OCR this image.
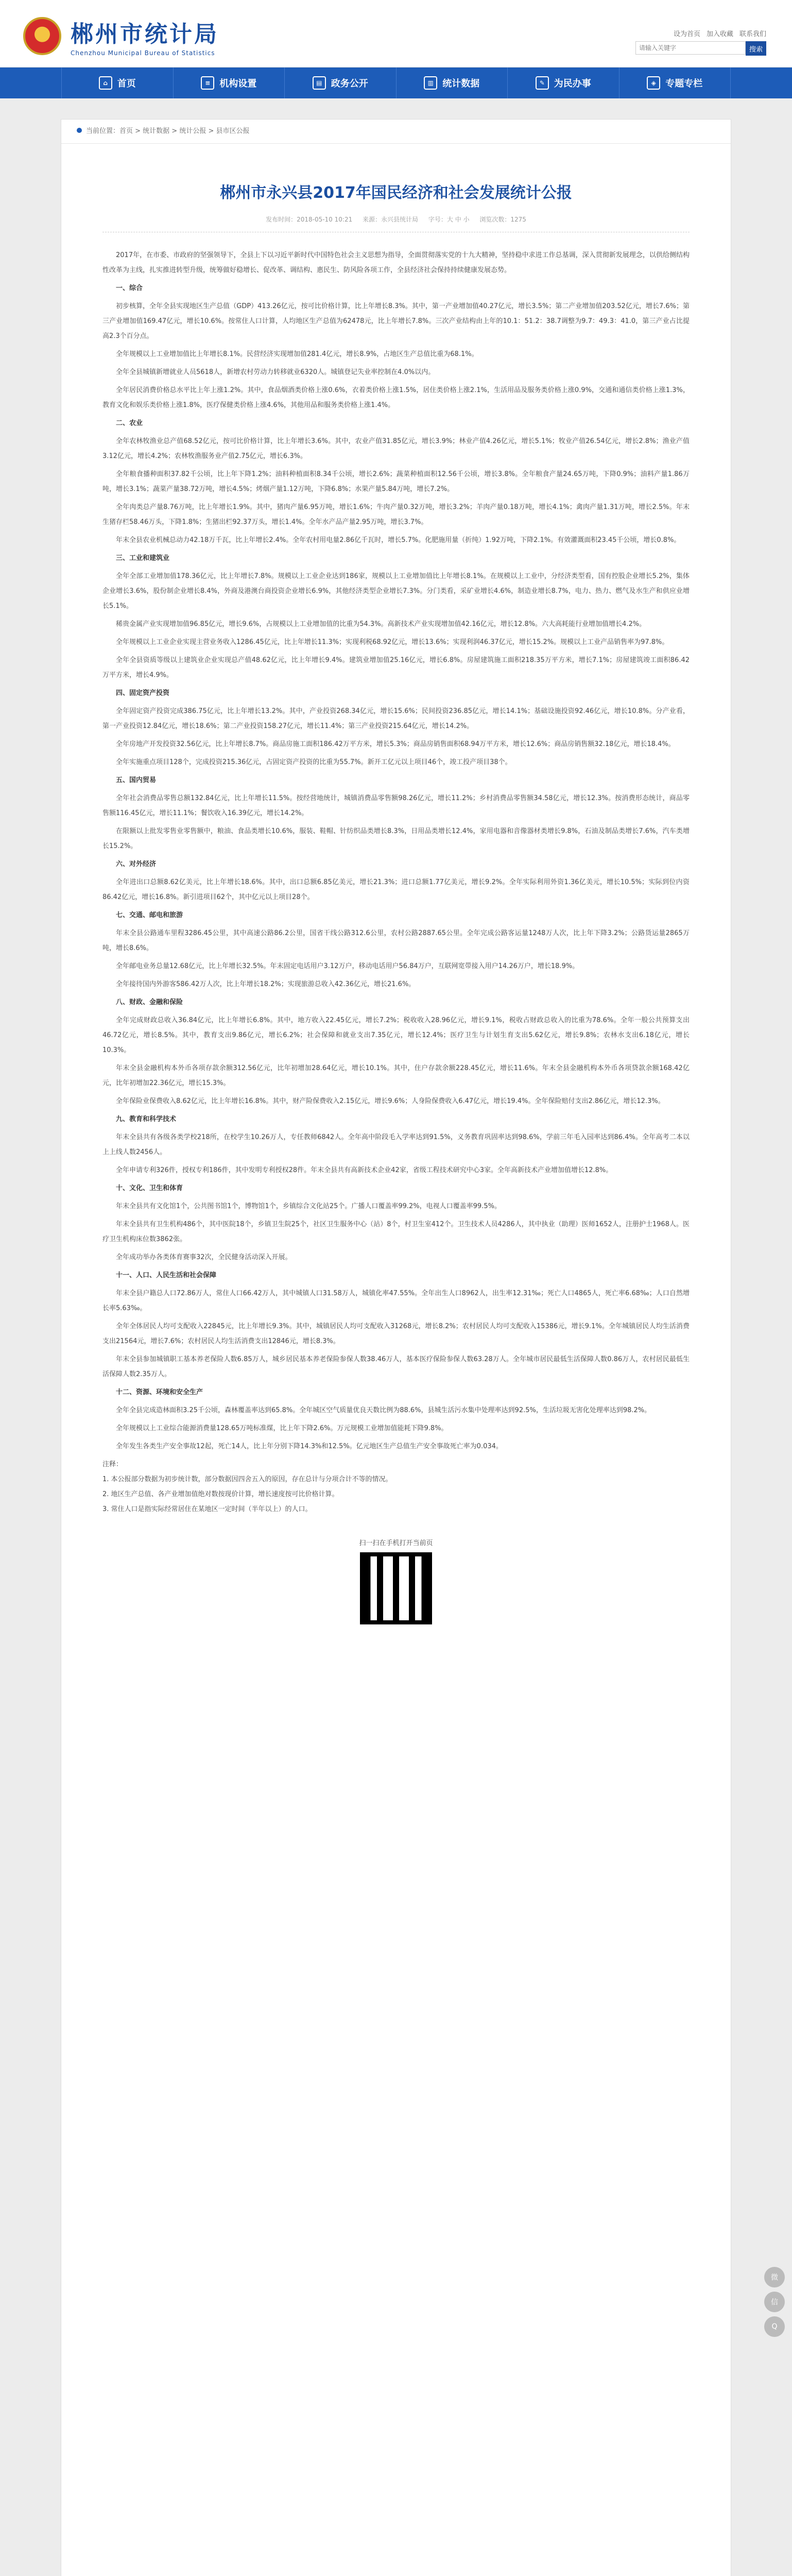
★	郴州市统计局
Chenzhou Municipal Bureau of Statistics
设为首页 加入收藏 联系我们
请输入关键字
搜索
⌂	首页	≡ 机构设置	▤ 政务公开	▥ 统计数据	✎ 为民办事	◈	专题专栏
当前位置：首页 > 统计数据 > 统计公报 > 县市区公报
郴州市永兴县2017年国民经济和社会发展统计公报
发布时间：2018-05-10 10:21 来源：永兴县统计局 字号：大 中 小 浏览次数：1275

2017年，在市委、市政府的坚强领导下，全县上下以习近平新时代中国特色社会主义思想为指导，全面贯彻落实党的十九大精神，坚持稳中求进工作总基调，深入贯彻新发展理念，以供给侧结构性改革为主线，扎实推进转型升级，统筹做好稳增长、促改革、调结构、惠民生、防风险各项工作，全县经济社会保持持续健康发展态势。

一、综合

初步核算，全年全县实现地区生产总值（GDP）413.26亿元，按可比价格计算，比上年增长8.3%。其中，第一产业增加值40.27亿元，增长3.5%；第二产业增加值203.52亿元，增长7.6%；第三产业增加值169.47亿元，增长10.6%。按常住人口计算，人均地区生产总值为62478元，比上年增长7.8%。三次产业结构由上年的10.1：51.2：38.7调整为9.7：49.3：41.0，第三产业占比提高2.3个百分点。

全年规模以上工业增加值比上年增长8.1%。民营经济实现增加值281.4亿元，增长8.9%，占地区生产总值比重为68.1%。

全年全县城镇新增就业人员5618人，新增农村劳动力转移就业6320人。城镇登记失业率控制在4.0%以内。

全年居民消费价格总水平比上年上涨1.2%。其中，食品烟酒类价格上涨0.6%，衣着类价格上涨1.5%，居住类价格上涨2.1%，生活用品及服务类价格上涨0.9%，交通和通信类价格上涨1.3%，教育文化和娱乐类价格上涨1.8%，医疗保健类价格上涨4.6%，其他用品和服务类价格上涨1.4%。

二、农业

全年农林牧渔业总产值68.52亿元，按可比价格计算，比上年增长3.6%。其中，农业产值31.85亿元，增长3.9%；林业产值4.26亿元，增长5.1%；牧业产值26.54亿元，增长2.8%；渔业产值3.12亿元，增长4.2%；农林牧渔服务业产值2.75亿元，增长6.3%。

全年粮食播种面积37.82千公顷，比上年下降1.2%；油料种植面积8.34千公顷，增长2.6%；蔬菜种植面积12.56千公顷，增长3.8%。全年粮食产量24.65万吨，下降0.9%；油料产量1.86万吨，增长3.1%；蔬菜产量38.72万吨，增长4.5%；烤烟产量1.12万吨，下降6.8%；水果产量5.84万吨，增长7.2%。

全年肉类总产量8.76万吨，比上年增长1.9%。其中，猪肉产量6.95万吨，增长1.6%；牛肉产量0.32万吨，增长3.2%；羊肉产量0.18万吨，增长4.1%；禽肉产量1.31万吨，增长2.5%。年末生猪存栏58.46万头，下降1.8%；生猪出栏92.37万头，增长1.4%。全年水产品产量2.95万吨，增长3.7%。

年末全县农业机械总动力42.18万千瓦，比上年增长2.4%。全年农村用电量2.86亿千瓦时，增长5.7%。化肥施用量（折纯）1.92万吨，下降2.1%。有效灌溉面积23.45千公顷，增长0.8%。

三、工业和建筑业

全年全部工业增加值178.36亿元，比上年增长7.8%。规模以上工业企业达到186家，规模以上工业增加值比上年增长8.1%。在规模以上工业中，分经济类型看，国有控股企业增长5.2%，集体企业增长3.6%，股份制企业增长8.4%，外商及港澳台商投资企业增长6.9%，其他经济类型企业增长7.3%。分门类看，采矿业增长4.6%，制造业增长8.7%，电力、热力、燃气及水生产和供应业增长5.1%。

稀贵金属产业实现增加值96.85亿元，增长9.6%，占规模以上工业增加值的比重为54.3%。高新技术产业实现增加值42.16亿元，增长12.8%。六大高耗能行业增加值增长4.2%。

全年规模以上工业企业实现主营业务收入1286.45亿元，比上年增长11.3%；实现利税68.92亿元，增长13.6%；实现利润46.37亿元，增长15.2%。规模以上工业产品销售率为97.8%。

全年全县资质等级以上建筑业企业实现总产值48.62亿元，比上年增长9.4%。建筑业增加值25.16亿元，增长6.8%。房屋建筑施工面积218.35万平方米，增长7.1%；房屋建筑竣工面积86.42万平方米，增长4.9%。

四、固定资产投资

全年固定资产投资完成386.75亿元，比上年增长13.2%。其中，产业投资268.34亿元，增长15.6%；民间投资236.85亿元，增长14.1%；基础设施投资92.46亿元，增长10.8%。分产业看，第一产业投资12.84亿元，增长18.6%；第二产业投资158.27亿元，增长11.4%；第三产业投资215.64亿元，增长14.2%。

全年房地产开发投资32.56亿元，比上年增长8.7%。商品房施工面积186.42万平方米，增长5.3%；商品房销售面积68.94万平方米，增长12.6%；商品房销售额32.18亿元，增长18.4%。

全年实施重点项目128个，完成投资215.36亿元，占固定资产投资的比重为55.7%。新开工亿元以上项目46个，竣工投产项目38个。

五、国内贸易

全年社会消费品零售总额132.84亿元，比上年增长11.5%。按经营地统计，城镇消费品零售额98.26亿元，增长11.2%；乡村消费品零售额34.58亿元，增长12.3%。按消费形态统计，商品零售额116.45亿元，增长11.1%；餐饮收入16.39亿元，增长14.2%。

在限额以上批发零售业零售额中，粮油、食品类增长10.6%，服装、鞋帽、针纺织品类增长8.3%，日用品类增长12.4%，家用电器和音像器材类增长9.8%，石油及制品类增长7.6%，汽车类增长15.2%。

六、对外经济

全年进出口总额8.62亿美元，比上年增长18.6%。其中，出口总额6.85亿美元，增长21.3%；进口总额1.77亿美元，增长9.2%。全年实际利用外资1.36亿美元，增长10.5%；实际到位内资86.42亿元，增长16.8%。新引进项目62个，其中亿元以上项目28个。

七、交通、邮电和旅游

年末全县公路通车里程3286.45公里，其中高速公路86.2公里，国省干线公路312.6公里，农村公路2887.65公里。全年完成公路客运量1248万人次，比上年下降3.2%；公路货运量2865万吨，增长8.6%。

全年邮电业务总量12.68亿元，比上年增长32.5%。年末固定电话用户3.12万户，移动电话用户56.84万户，互联网宽带接入用户14.26万户，增长18.9%。

全年接待国内外游客586.42万人次，比上年增长18.2%；实现旅游总收入42.36亿元，增长21.6%。

八、财政、金融和保险

全年完成财政总收入36.84亿元，比上年增长6.8%。其中，地方收入22.45亿元，增长7.2%；税收收入28.96亿元，增长9.1%，税收占财政总收入的比重为78.6%。全年一般公共预算支出46.72亿元，增长8.5%。其中，教育支出9.86亿元，增长6.2%；社会保障和就业支出7.35亿元，增长12.4%；医疗卫生与计划生育支出5.62亿元，增长9.8%；农林水支出6.18亿元，增长10.3%。

年末全县金融机构本外币各项存款余额312.56亿元，比年初增加28.64亿元，增长10.1%。其中，住户存款余额228.45亿元，增长11.6%。年末全县金融机构本外币各项贷款余额168.42亿元，比年初增加22.36亿元，增长15.3%。

全年保险业保费收入8.62亿元，比上年增长16.8%。其中，财产险保费收入2.15亿元，增长9.6%；人身险保费收入6.47亿元，增长19.4%。全年保险赔付支出2.86亿元，增长12.3%。

九、教育和科学技术

年末全县共有各级各类学校218所，在校学生10.26万人，专任教师6842人。全年高中阶段毛入学率达到91.5%，义务教育巩固率达到98.6%，学前三年毛入园率达到86.4%。全年高考二本以上上线人数2456人。

全年申请专利326件，授权专利186件，其中发明专利授权28件。年末全县共有高新技术企业42家，省级工程技术研究中心3家。全年高新技术产业增加值增长12.8%。

十、文化、卫生和体育

年末全县共有文化馆1个，公共图书馆1个，博物馆1个，乡镇综合文化站25个。广播人口覆盖率99.2%，电视人口覆盖率99.5%。

年末全县共有卫生机构486个，其中医院18个，乡镇卫生院25个，社区卫生服务中心（站）8个，村卫生室412个。卫生技术人员4286人，其中执业（助理）医师1652人，注册护士1968人。医疗卫生机构床位数3862张。

全年成功举办各类体育赛事32次，全民健身活动深入开展。

十一、人口、人民生活和社会保障

年末全县户籍总人口72.86万人，常住人口66.42万人，其中城镇人口31.58万人，城镇化率47.55%。全年出生人口8962人，出生率12.31‰；死亡人口4865人，死亡率6.68‰；人口自然增长率5.63‰。

全年全体居民人均可支配收入22845元，比上年增长9.3%。其中，城镇居民人均可支配收入31268元，增长8.2%；农村居民人均可支配收入15386元，增长9.1%。全年城镇居民人均生活消费支出21564元，增长7.6%；农村居民人均生活消费支出12846元，增长8.3%。

年末全县参加城镇职工基本养老保险人数6.85万人，城乡居民基本养老保险参保人数38.46万人，基本医疗保险参保人数63.28万人。全年城市居民最低生活保障人数0.86万人，农村居民最低生活保障人数2.35万人。

十二、资源、环境和安全生产

全年全县完成造林面积3.25千公顷，森林覆盖率达到65.8%。全年城区空气质量优良天数比例为88.6%，县城生活污水集中处理率达到92.5%，生活垃圾无害化处理率达到98.2%。

全年规模以上工业综合能源消费量128.65万吨标准煤，比上年下降2.6%。万元规模工业增加值能耗下降9.8%。

全年发生各类生产安全事故12起，死亡14人，比上年分别下降14.3%和12.5%。亿元地区生产总值生产安全事故死亡率为0.034。

注释：
1. 本公报部分数据为初步统计数，部分数据因四舍五入的原因，存在总计与分项合计不等的情况。
2. 地区生产总值、各产业增加值绝对数按现价计算，增长速度按可比价格计算。
3. 常住人口是指实际经常居住在某地区一定时间（半年以上）的人口。
扫一扫在手机打开当前页
微
信
Q
